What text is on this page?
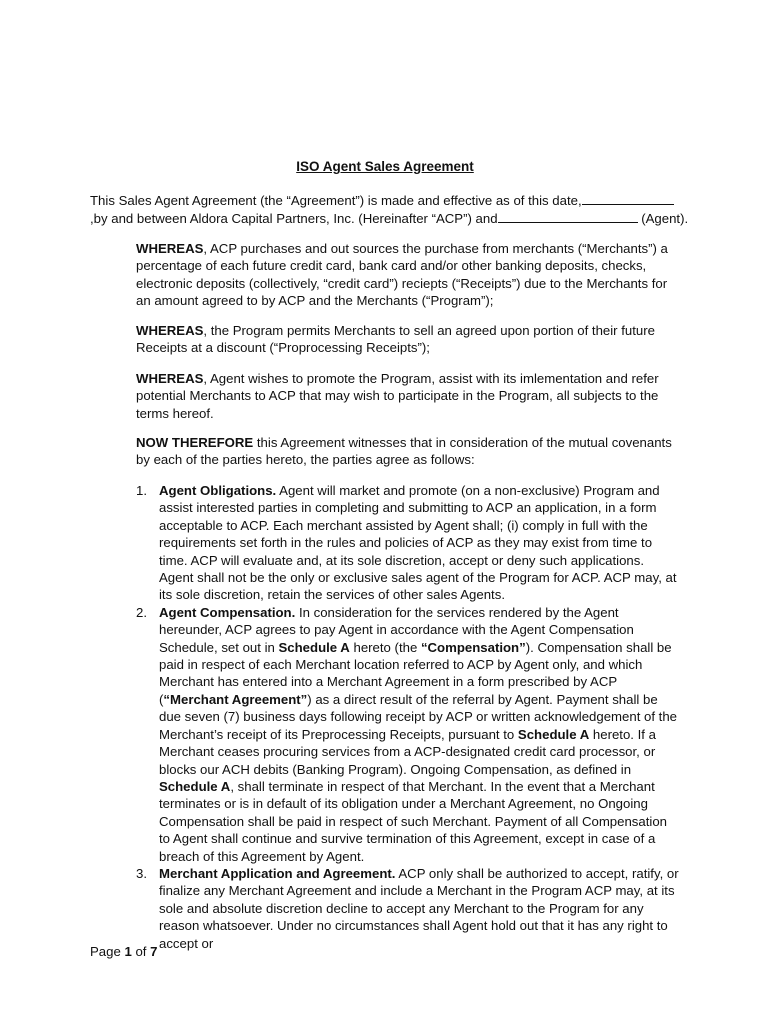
ISO Agent Sales Agreement

This Sales Agent Agreement (the “Agreement”) is made and effective as of this date,,by and between Aldora Capital Partners, Inc. (Hereinafter “ACP”) and	(Agent).

WHEREAS, ACP purchases and out sources the purchase from merchants (“Merchants”) a percentage of each future credit card, bank card and/or other banking deposits, checks, electronic deposits (collectively, “credit card”) reciepts (“Receipts”) due to the Merchants for an amount agreed to by ACP and the Merchants (“Program”);

WHEREAS, the Program permits Merchants to sell an agreed upon portion of their future Receipts at a discount (“Proprocessing Receipts”);

WHEREAS, Agent wishes to promote the Program, assist with its imlementation and refer potential Merchants to ACP that may wish to participate in the Program, all subjects to the terms hereof.

NOW THEREFORE this Agreement witnesses that in consideration of the mutual covenants by each of the parties hereto, the parties agree as follows:

1. Agent Obligations. Agent will market and promote (on a non-exclusive) Program and assist interested parties in completing and submitting to ACP an application, in a form acceptable to ACP. Each merchant assisted by Agent shall; (i) comply in full with the requirements set forth in the rules and policies of ACP as they may exist from time to time. ACP will evaluate and, at its sole discretion, accept or deny such applications. Agent shall not be the only or exclusive sales agent of the Program for ACP. ACP may, at its sole discretion, retain the services of other sales Agents.
2. Agent Compensation. In consideration for the services rendered by the Agent hereunder, ACP agrees to pay Agent in accordance with the Agent Compensation Schedule, set out in Schedule A hereto (the “Compensation”). Compensation shall be paid in respect of each Merchant location referred to ACP by Agent only, and which Merchant has entered into a Merchant Agreement in a form prescribed by ACP (“Merchant Agreement”) as a direct result of the referral by Agent. Payment shall be due seven (7) business days following receipt by ACP or written acknowledgement of the Merchant’s receipt of its Preprocessing Receipts, pursuant to Schedule A hereto. If a Merchant ceases procuring services from a ACP-designated credit card processor, or blocks our ACH debits (Banking Program). Ongoing Compensation, as defined in Schedule A, shall terminate in respect of that Merchant. In the event that a Merchant terminates or is in default of its obligation under a Merchant Agreement, no Ongoing Compensation shall be paid in respect of such Merchant. Payment of all Compensation to Agent shall continue and survive termination of this Agreement, except in case of a breach of this Agreement by Agent.
3. Merchant Application and Agreement. ACP only shall be authorized to accept, ratify, or finalize any Merchant Agreement and include a Merchant in the Program ACP may, at its sole and absolute discretion decline to accept any Merchant to the Program for any reason whatsoever. Under no circumstances shall Agent hold out that it has any right to accept or
Page 1 of 7
